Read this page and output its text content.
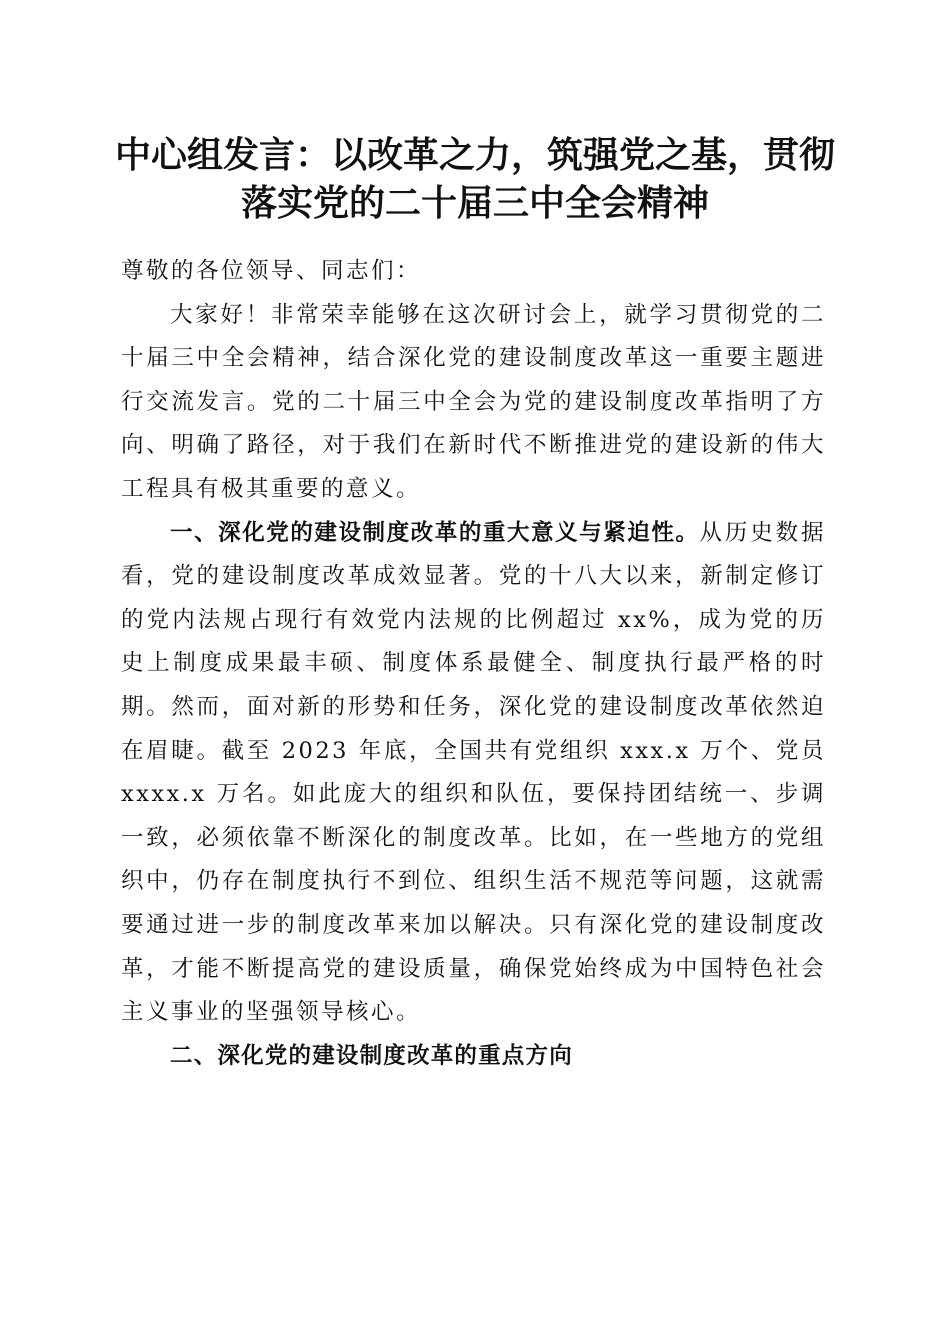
中心组发言：以改革之力，筑强党之基，贯彻
落实党的二十届三中全会精神

尊敬的各位领导、同志们：

大家好！非常荣幸能够在这次研讨会上，就学习贯彻党的二十届三中全会精神，结合深化党的建设制度改革这一重要主题进行交流发言。党的二十届三中全会为党的建设制度改革指明了方向、明确了路径，对于我们在新时代不断推进党的建设新的伟大工程具有极其重要的意义。

一、深化党的建设制度改革的重大意义与紧迫性。从历史数据看，党的建设制度改革成效显著。党的十八大以来，新制定修订的党内法规占现行有效党内法规的比例超过 xx%，成为党的历史上制度成果最丰硕、制度体系最健全、制度执行最严格的时期。然而，面对新的形势和任务，深化党的建设制度改革依然迫在眉睫。截至 2023 年底，全国共有党组织 xxx.x 万个、党员 xxxx.x 万名。如此庞大的组织和队伍，要保持团结统一、步调一致，必须依靠不断深化的制度改革。比如，在一些地方的党组织中，仍存在制度执行不到位、组织生活不规范等问题，这就需要通过进一步的制度改革来加以解决。只有深化党的建设制度改革，才能不断提高党的建设质量，确保党始终成为中国特色社会主义事业的坚强领导核心。

二、深化党的建设制度改革的重点方向
